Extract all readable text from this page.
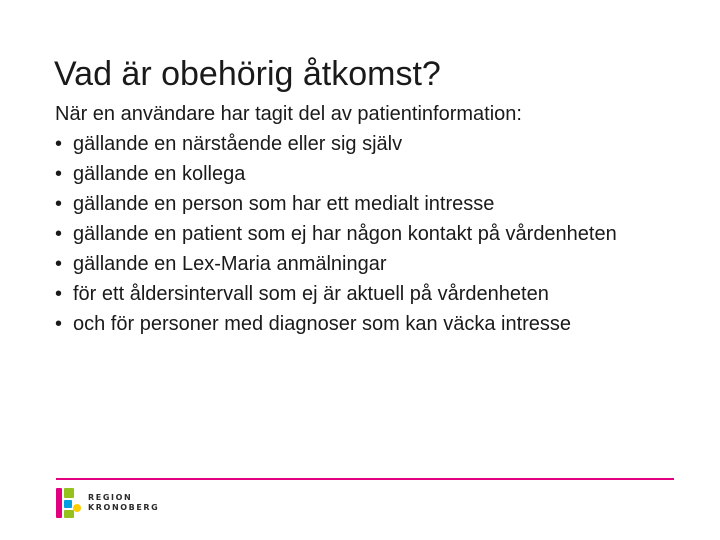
Vad är obehörig åtkomst?

När en användare har tagit del av patientinformation:

• gällande en närstående eller sig själv
• gällande en kollega
• gällande en person som har ett medialt intresse
• gällande en patient som ej har någon kontakt på vårdenheten
• gällande en Lex-Maria anmälningar
• för ett åldersintervall som ej är aktuell på vårdenheten
• och för personer med diagnoser som kan väcka intresse
REGION
KRONOBERG
